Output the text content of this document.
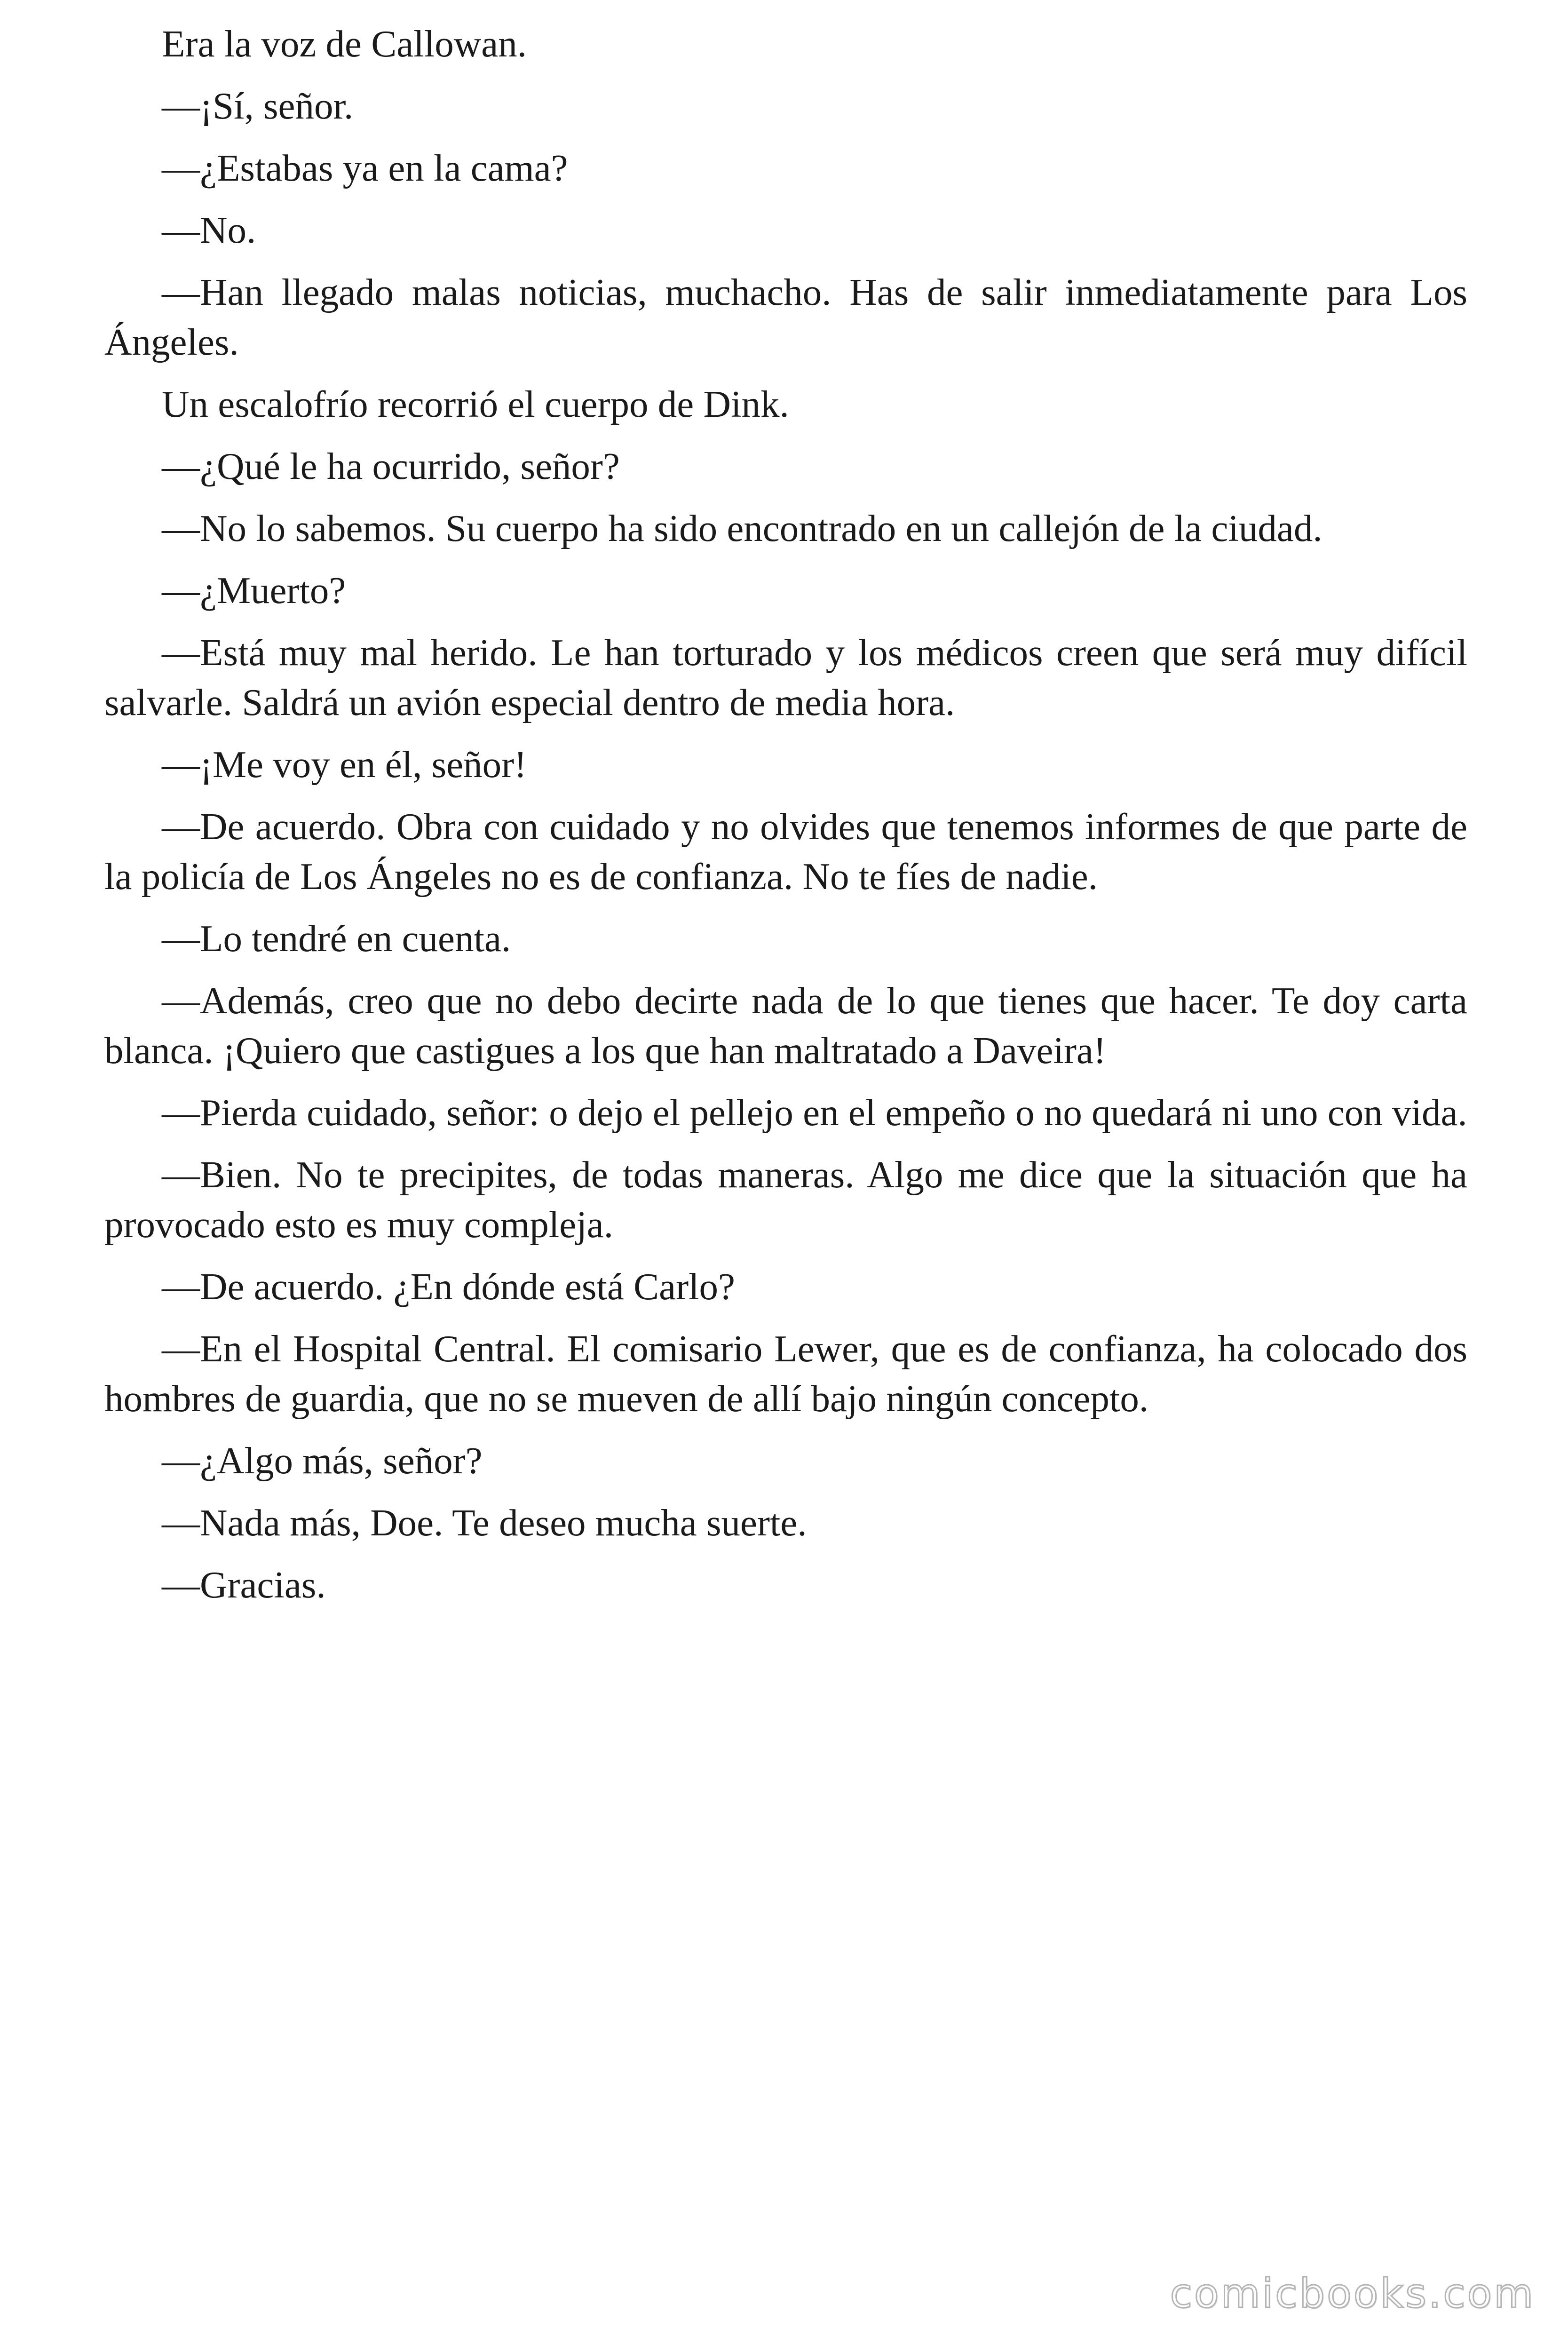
Era la voz de Callowan.

—¡Sí, señor.

—¿Estabas ya en la cama?

—No.

—Han llegado malas noticias, muchacho. Has de salir inmediatamente para Los Ángeles.

Un escalofrío recorrió el cuerpo de Dink.

—¿Qué le ha ocurrido, señor?

—No lo sabemos. Su cuerpo ha sido encontrado en un callejón de la ciudad.

—¿Muerto?

—Está muy mal herido. Le han torturado y los médicos creen que será muy difícil salvarle. Saldrá un avión especial dentro de media hora.

—¡Me voy en él, señor!

—De acuerdo. Obra con cuidado y no olvides que tenemos informes de que parte de la policía de Los Ángeles no es de confianza. No te fíes de nadie.

—Lo tendré en cuenta.

—Además, creo que no debo decirte nada de lo que tienes que hacer. Te doy carta blanca. ¡Quiero que castigues a los que han maltratado a Daveira!

—Pierda cuidado, señor: o dejo el pellejo en el empeño o no quedará ni uno con vida.

—Bien. No te precipites, de todas maneras. Algo me dice que la situación que ha provocado esto es muy compleja.

—De acuerdo. ¿En dónde está Carlo?

—En el Hospital Central. El comisario Lewer, que es de confianza, ha colocado dos hombres de guardia, que no se mueven de allí bajo ningún concepto.

—¿Algo más, señor?

—Nada más, Doe. Te deseo mucha suerte.

—Gracias.

comicbooks.com
